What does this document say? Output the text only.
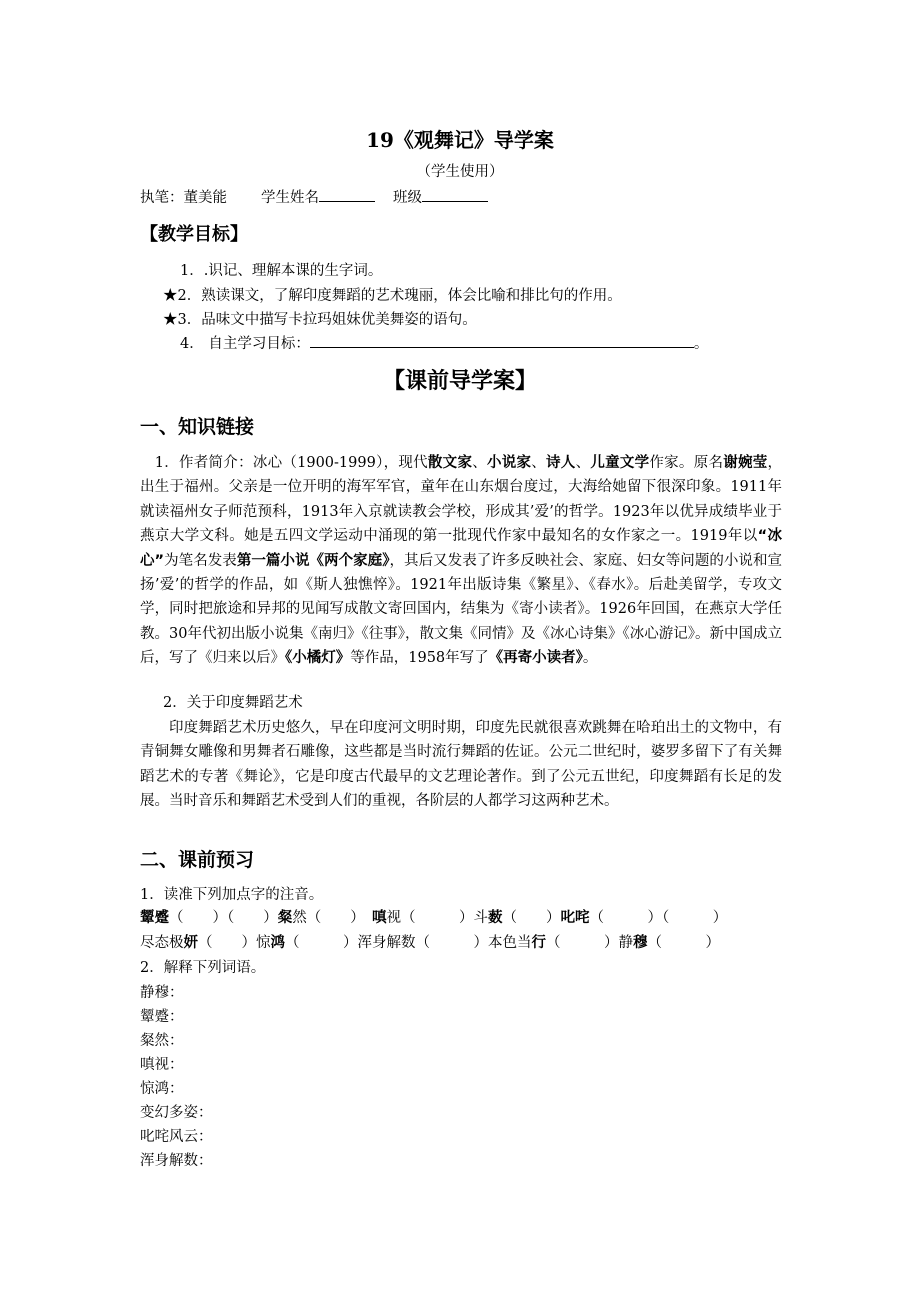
19《观舞记》导学案
（学生使用）
执笔：董美能 学生姓名	班级
【教学目标】
1．.识记、理解本课的生字词。
★2．熟读课文，了解印度舞蹈的艺术瑰丽，体会比喻和排比句的作用。
★3．品味文中描写卡拉玛姐妹优美舞姿的语句。
4． 自主学习目标：	。
【课前导学案】
一、知识链接
　1．作者简介：冰心（1900-1999），现代散文家、小说家、诗人、儿童文学作家。原名谢婉莹，出生于福州。父亲是一位开明的海军军官，童年在山东烟台度过，大海给她留下很深印象。1911年就读福州女子师范预科，1913年入京就读教会学校，形成其’爱’的哲学。1923年以优异成绩毕业于燕京大学文科。她是五四文学运动中涌现的第一批现代作家中最知名的女作家之一。1919年以“冰心”为笔名发表第一篇小说《两个家庭》，其后又发表了许多反映社会、家庭、妇女等问题的小说和宣扬’爱’的哲学的作品，如《斯人独憔悴》。1921年出版诗集《繁星》、《春水》。后赴美留学，专攻文学，同时把旅途和异邦的见闻写成散文寄回国内，结集为《寄小读者》。1926年回国，在燕京大学任教。30年代初出版小说集《南归》《往事》，散文集《同情》及《冰心诗集》《冰心游记》。新中国成立后，写了《归来以后》《小橘灯》等作品，1958年写了《再寄小读者》。
2．关于印度舞蹈艺术
印度舞蹈艺术历史悠久，早在印度河文明时期，印度先民就很喜欢跳舞在哈珀出土的文物中，有青铜舞女雕像和男舞者石雕像，这些都是当时流行舞蹈的佐证。公元二世纪时，婆罗多留下了有关舞蹈艺术的专著《舞论》，它是印度古代最早的文艺理论著作。到了公元五世纪，印度舞蹈有长足的发展。当时音乐和舞蹈艺术受到人们的重视，各阶层的人都学习这两种艺术。
二、课前预习
1．读准下列加点字的注音。
颦蹙（　　）（　　）粲然（　　）　嗔视（　　　）斗薮（　　）叱咤（　　　）（　　　）
尽态极妍（　　）惊鸿（　　　）浑身解数（　　　）本色当行（　　　）静穆（　　　）
2．解释下列词语。
静穆：
颦蹙：
粲然：
嗔视：
惊鸿：
变幻多姿：
叱咤风云：
浑身解数：
